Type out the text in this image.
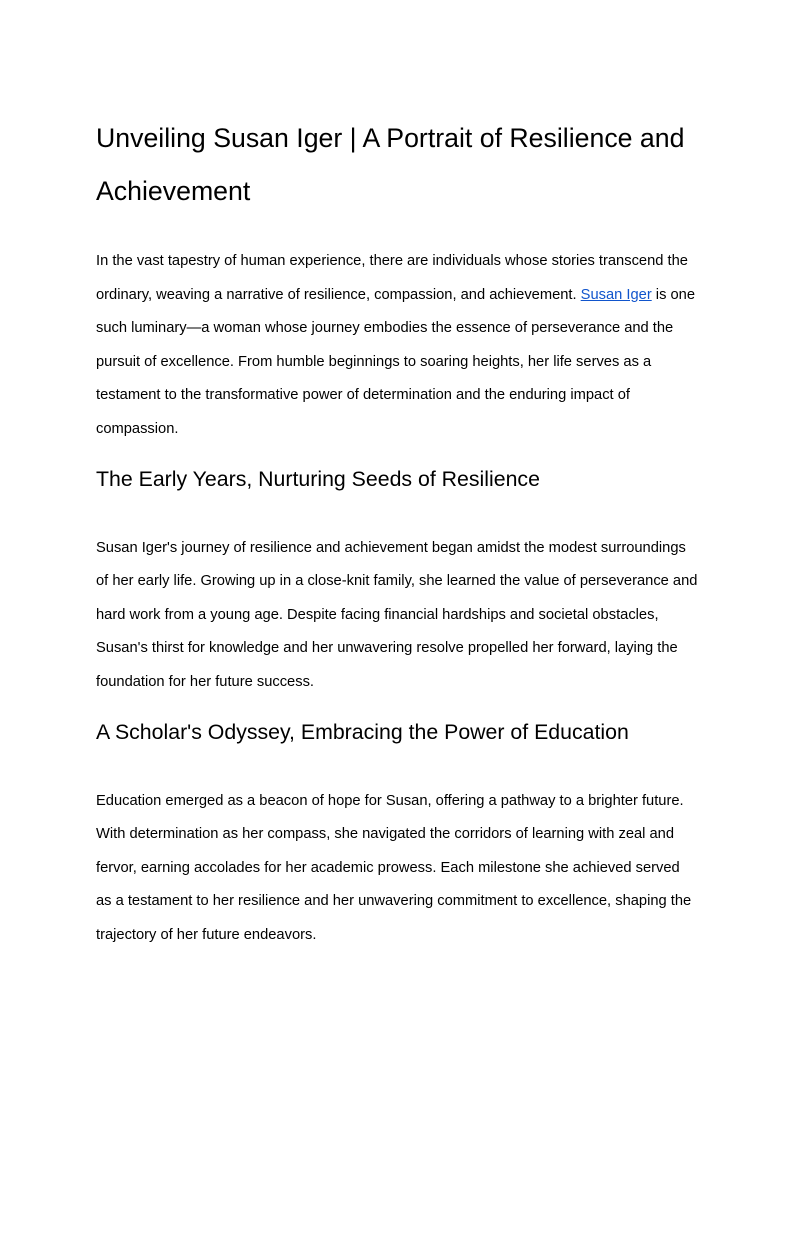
Unveiling Susan Iger | A Portrait of Resilience and Achievement

In the vast tapestry of human experience, there are individuals whose stories transcend the ordinary, weaving a narrative of resilience, compassion, and achievement. Susan Iger is one such luminary—a woman whose journey embodies the essence of perseverance and the pursuit of excellence. From humble beginnings to soaring heights, her life serves as a testament to the transformative power of determination and the enduring impact of compassion.

The Early Years, Nurturing Seeds of Resilience

Susan Iger's journey of resilience and achievement began amidst the modest surroundings of her early life. Growing up in a close-knit family, she learned the value of perseverance and hard work from a young age. Despite facing financial hardships and societal obstacles, Susan's thirst for knowledge and her unwavering resolve propelled her forward, laying the foundation for her future success.

A Scholar's Odyssey, Embracing the Power of Education

Education emerged as a beacon of hope for Susan, offering a pathway to a brighter future. With determination as her compass, she navigated the corridors of learning with zeal and fervor, earning accolades for her academic prowess. Each milestone she achieved served as a testament to her resilience and her unwavering commitment to excellence, shaping the trajectory of her future endeavors.
